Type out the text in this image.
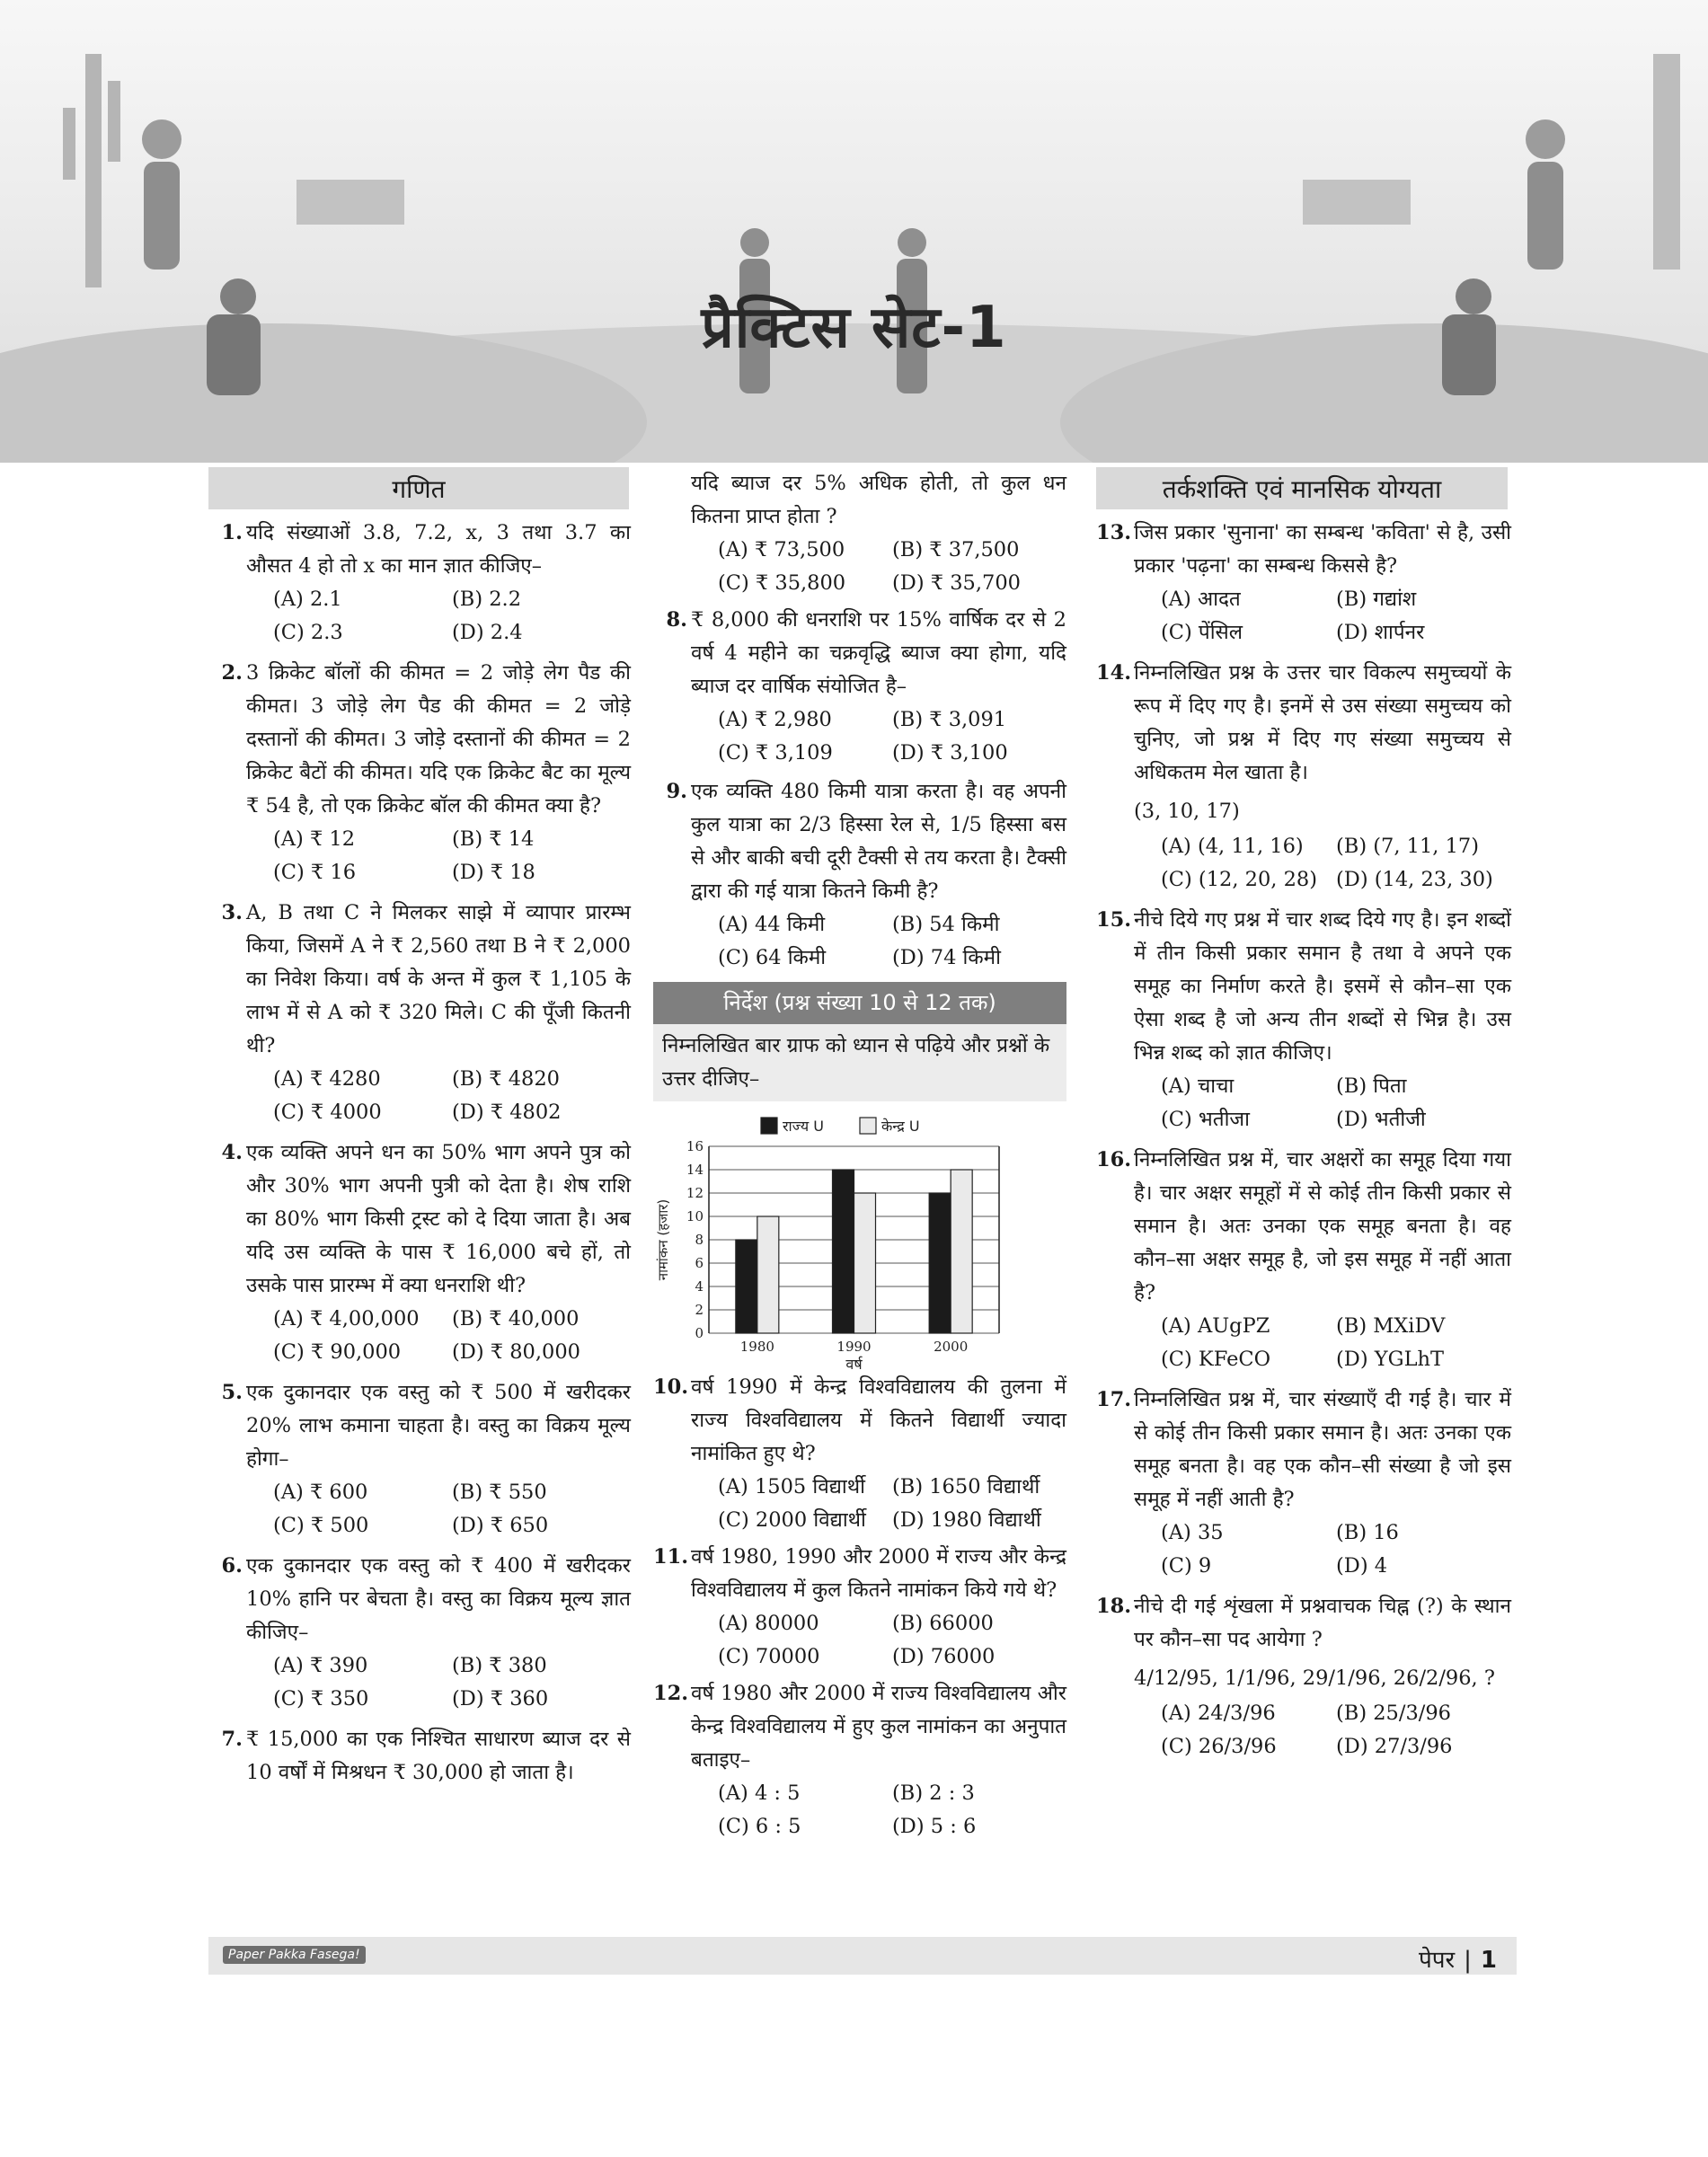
प्रैक्टिस सेट-1
गणित
1. यदि संख्याओं 3.8, 7.2, x, 3 तथा 3.7 का औसत 4 हो तो x का मान ज्ञात कीजिए–
(A) 2.1	(B) 2.2
(C) 2.3	(D) 2.4
2. 3 क्रिकेट बॉलों की कीमत = 2 जोड़े लेग पैड की कीमत। 3 जोड़े लेग पैड की कीमत = 2 जोड़े दस्तानों की कीमत। 3 जोड़े दस्तानों की कीमत = 2 क्रिकेट बैटों की कीमत। यदि एक क्रिकेट बैट का मूल्य ₹ 54 है, तो एक क्रिकेट बॉल की कीमत क्या है?
(A) ₹ 12	(B) ₹ 14
(C) ₹ 16	(D) ₹ 18
3. A, B तथा C ने मिलकर साझे में व्यापार प्रारम्भ किया, जिसमें A ने ₹ 2,560 तथा B ने ₹ 2,000 का निवेश किया। वर्ष के अन्त में कुल ₹ 1,105 के लाभ में से A को ₹ 320 मिले। C की पूँजी कितनी थी?
(A) ₹ 4280	(B) ₹ 4820
(C) ₹ 4000	(D) ₹ 4802
4. एक व्यक्ति अपने धन का 50% भाग अपने पुत्र को और 30% भाग अपनी पुत्री को देता है। शेष राशि का 80% भाग किसी ट्रस्ट को दे दिया जाता है। अब यदि उस व्यक्ति के पास ₹ 16,000 बचे हों, तो उसके पास प्रारम्भ में क्या धनराशि थी?
(A) ₹ 4,00,000	(B) ₹ 40,000
(C) ₹ 90,000	(D) ₹ 80,000
5. एक दुकानदार एक वस्तु को ₹ 500 में खरीदकर 20% लाभ कमाना चाहता है। वस्तु का विक्रय मूल्य होगा–
(A) ₹ 600	(B) ₹ 550
(C) ₹ 500	(D) ₹ 650
6. एक दुकानदार एक वस्तु को ₹ 400 में खरीदकर 10% हानि पर बेचता है। वस्तु का विक्रय मूल्य ज्ञात कीजिए–
(A) ₹ 390	(B) ₹ 380
(C) ₹ 350	(D) ₹ 360
7. ₹ 15,000 का एक निश्चित साधारण ब्याज दर से 10 वर्षों में मिश्रधन ₹ 30,000 हो जाता है।
यदि ब्याज दर 5% अधिक होती, तो कुल धन कितना प्राप्त होता ?
(A) ₹ 73,500	(B) ₹ 37,500
(C) ₹ 35,800	(D) ₹ 35,700
8. ₹ 8,000 की धनराशि पर 15% वार्षिक दर से 2 वर्ष 4 महीने का चक्रवृद्धि ब्याज क्या होगा, यदि ब्याज दर वार्षिक संयोजित है–
(A) ₹ 2,980	(B) ₹ 3,091
(C) ₹ 3,109	(D) ₹ 3,100
9. एक व्यक्ति 480 किमी यात्रा करता है। वह अपनी कुल यात्रा का 2/3 हिस्सा रेल से, 1/5 हिस्सा बस से और बाकी बची दूरी टैक्सी से तय करता है। टैक्सी द्वारा की गई यात्रा कितने किमी है?
(A) 44 किमी	(B) 54 किमी
(C) 64 किमी	(D) 74 किमी
निर्देश (प्रश्न संख्या 10 से 12 तक)
निम्नलिखित बार ग्राफ को ध्यान से पढ़िये और प्रश्नों के उत्तर दीजिए–
0
2
4
6
8
10
12
14
16
1980	1990	2000
वर्ष
नामांकन (हजार)
राज्य U	केन्द्र U
10. वर्ष 1990 में केन्द्र विश्वविद्यालय की तुलना में राज्य विश्वविद्यालय में कितने विद्यार्थी ज्यादा नामांकित हुए थे?
(A) 1505 विद्यार्थी	(B) 1650 विद्यार्थी
(C) 2000 विद्यार्थी	(D) 1980 विद्यार्थी
11. वर्ष 1980, 1990 और 2000 में राज्य और केन्द्र विश्वविद्यालय में कुल कितने नामांकन किये गये थे?
(A) 80000	(B) 66000
(C) 70000	(D) 76000
12. वर्ष 1980 और 2000 में राज्य विश्वविद्यालय और केन्द्र विश्वविद्यालय में हुए कुल नामांकन का अनुपात बताइए–
(A) 4 : 5	(B) 2 : 3
(C) 6 : 5	(D) 5 : 6
तर्कशक्ति एवं मानसिक योग्यता
13. जिस प्रकार 'सुनाना' का सम्बन्ध 'कविता' से है, उसी प्रकार 'पढ़ना' का सम्बन्ध किससे है?
(A) आदत	(B) गद्यांश
(C) पेंसिल	(D) शार्पनर
14. निम्नलिखित प्रश्न के उत्तर चार विकल्प समुच्चयों के रूप में दिए गए है। इनमें से उस संख्या समुच्चय को चुनिए, जो प्रश्न में दिए गए संख्या समुच्चय से अधिकतम मेल खाता है।
(3, 10, 17)
(A) (4, 11, 16)	(B) (7, 11, 17)
(C) (12, 20, 28) (D) (14, 23, 30)
15. नीचे दिये गए प्रश्न में चार शब्द दिये गए है। इन शब्दों में तीन किसी प्रकार समान है तथा वे अपने एक समूह का निर्माण करते है। इसमें से कौन–सा एक ऐसा शब्द है जो अन्य तीन शब्दों से भिन्न है। उस भिन्न शब्द को ज्ञात कीजिए।
(A) चाचा	(B) पिता
(C) भतीजा	(D) भतीजी
16. निम्नलिखित प्रश्न में, चार अक्षरों का समूह दिया गया है। चार अक्षर समूहों में से कोई तीन किसी प्रकार से समान है। अतः उनका एक समूह बनता है। वह कौन–सा अक्षर समूह है, जो इस समूह में नहीं आता है?
(A) AUgPZ	(B) MXiDV
(C) KFeCO	(D) YGLhT
17. निम्नलिखित प्रश्न में, चार संख्याएँ दी गई है। चार में से कोई तीन किसी प्रकार समान है। अतः उनका एक समूह बनता है। वह एक कौन–सी संख्या है जो इस समूह में नहीं आती है?
(A) 35	(B) 16
(C) 9	(D) 4
18. नीचे दी गई शृंखला में प्रश्नवाचक चिह्न (?) के स्थान पर कौन–सा पद आयेगा ?
4/12/95, 1/1/96, 29/1/96, 26/2/96, ?
(A) 24/3/96	(B) 25/3/96
(C) 26/3/96	(D) 27/3/96
Paper Pakka Fasega!	पेपर | 1
